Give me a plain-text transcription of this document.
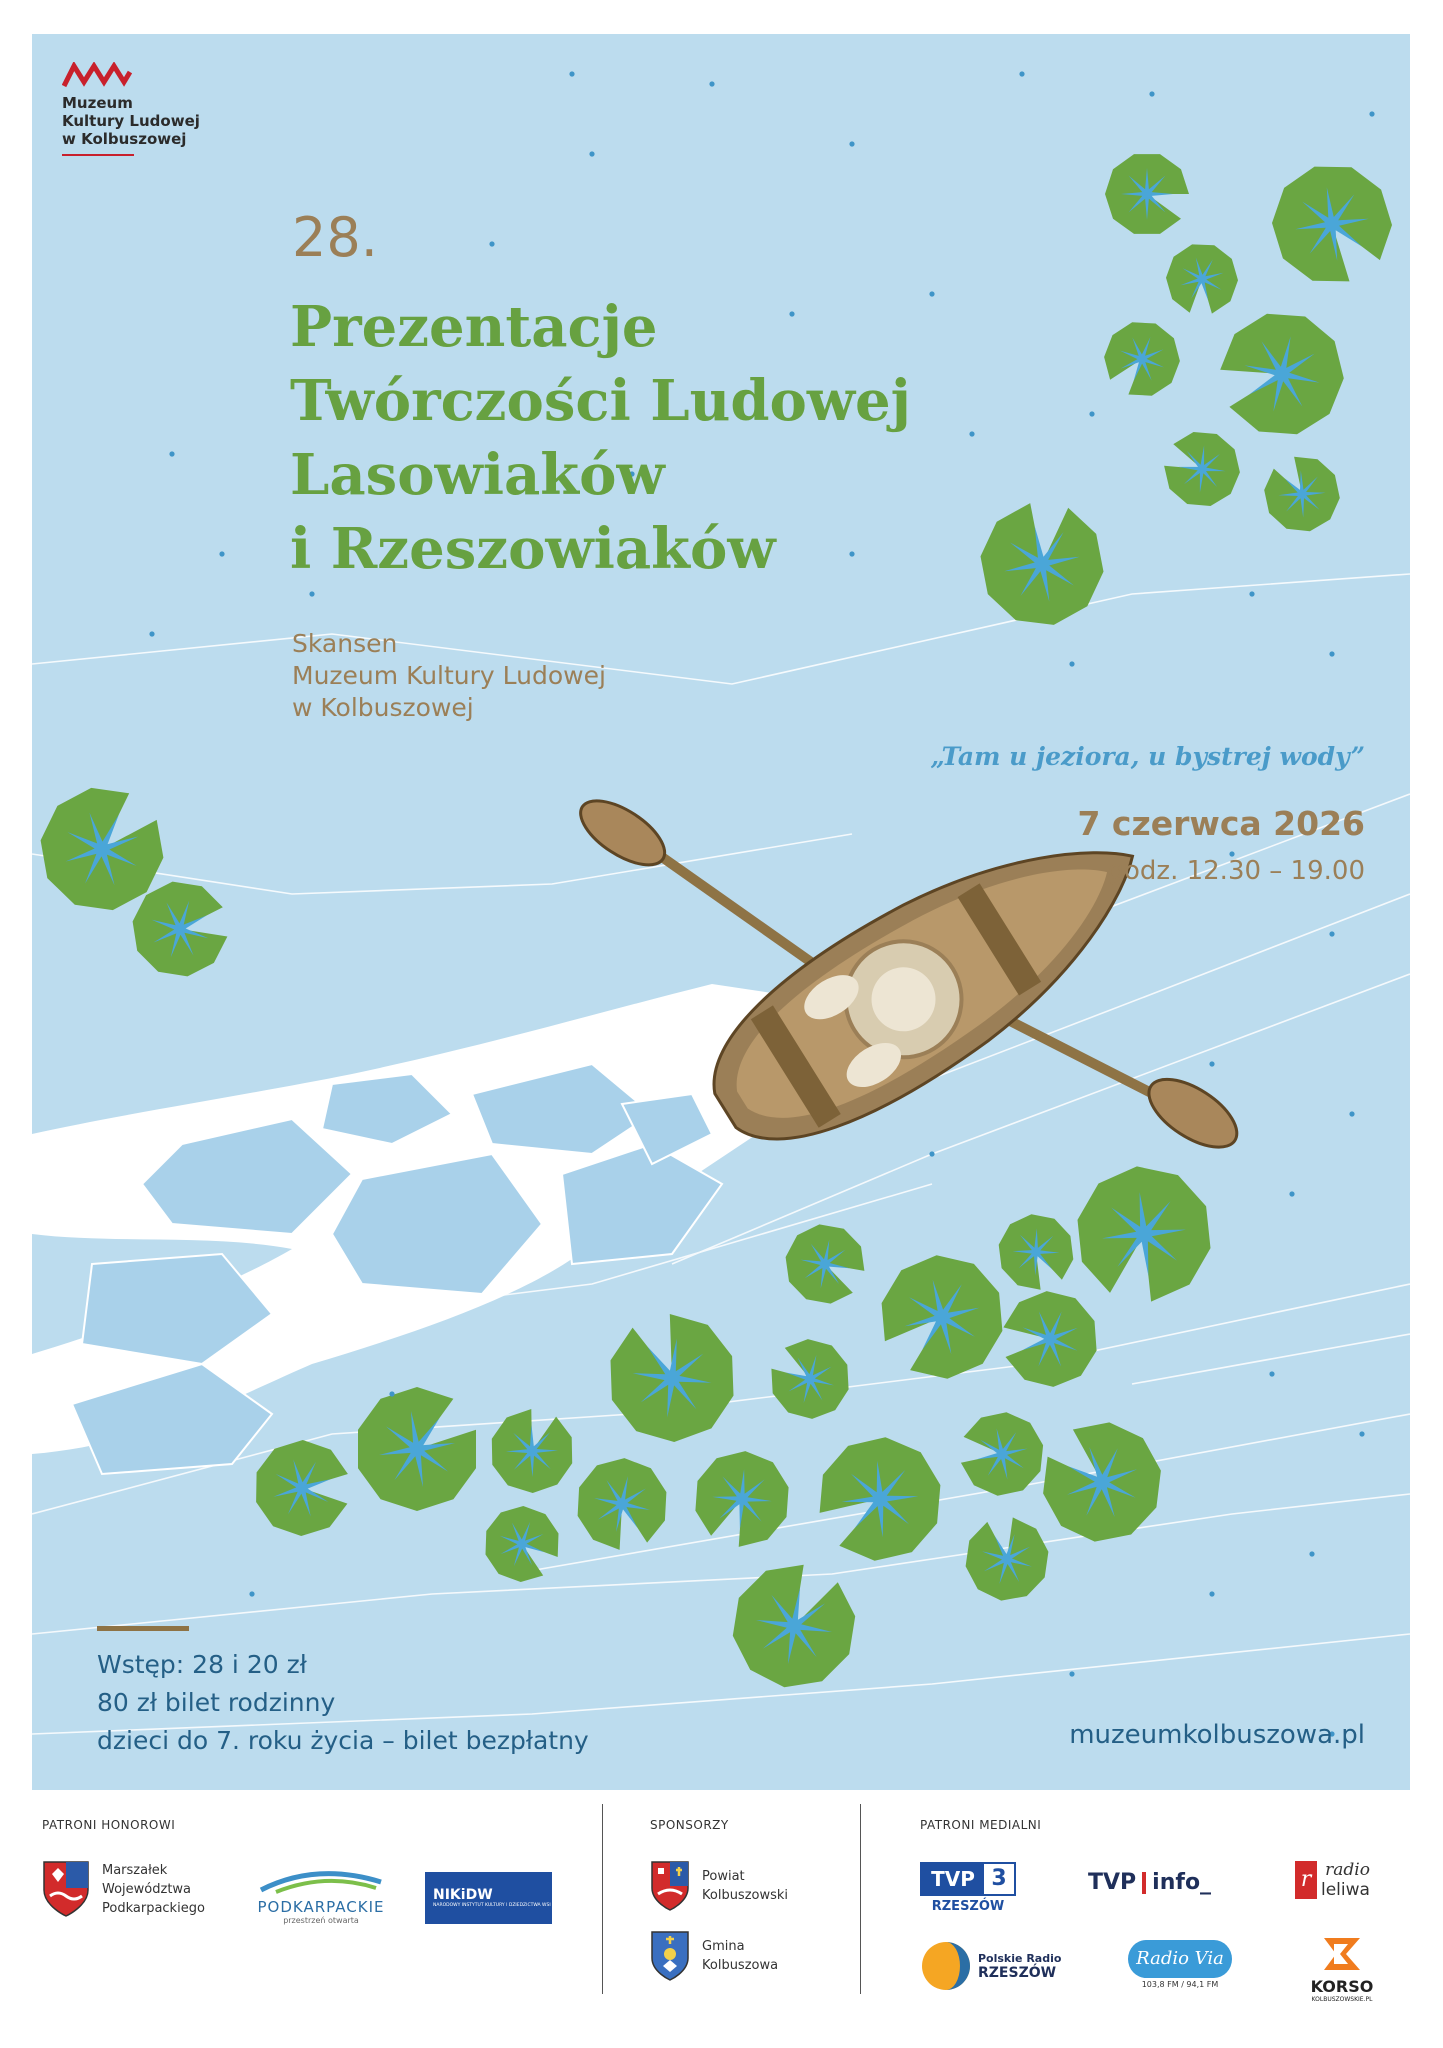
Muzeum
Kultury Ludowej
w Kolbuszowej
28.
Prezentacje
Twórczości Ludowej
Lasowiaków
i Rzeszowiaków
Skansen
Muzeum Kultury Ludowej
w Kolbuszowej
„Tam u jeziora, u bystrej wody”
7 czerwca 2026
godz. 12.30 – 19.00
Wstęp: 28 i 20 zł
80 zł bilet rodzinny
dzieci do 7. roku życia – bilet bezpłatny	muzeumkolbuszowa.pl
PATRONI HONOROWI	SPONSORZY	PATRONI MEDIALNI
Marszałek
Województwa
Podkarpackiego	PODKARPACKIE
przestrzeń otwarta
NIKiDW
NARODOWY INSTYTUT KULTURY I DZIEDZICTWA WSI
Powiat
Kolbuszowski
Gmina
Kolbuszowa
TVP 3
RZESZÓW
TVP info_	r radio
leliwa
Polskie Radio
RZESZÓW
Radio Via
103,8 FM / 94,1 FM	KORSO
KOLBUSZOWSKIE.PL
